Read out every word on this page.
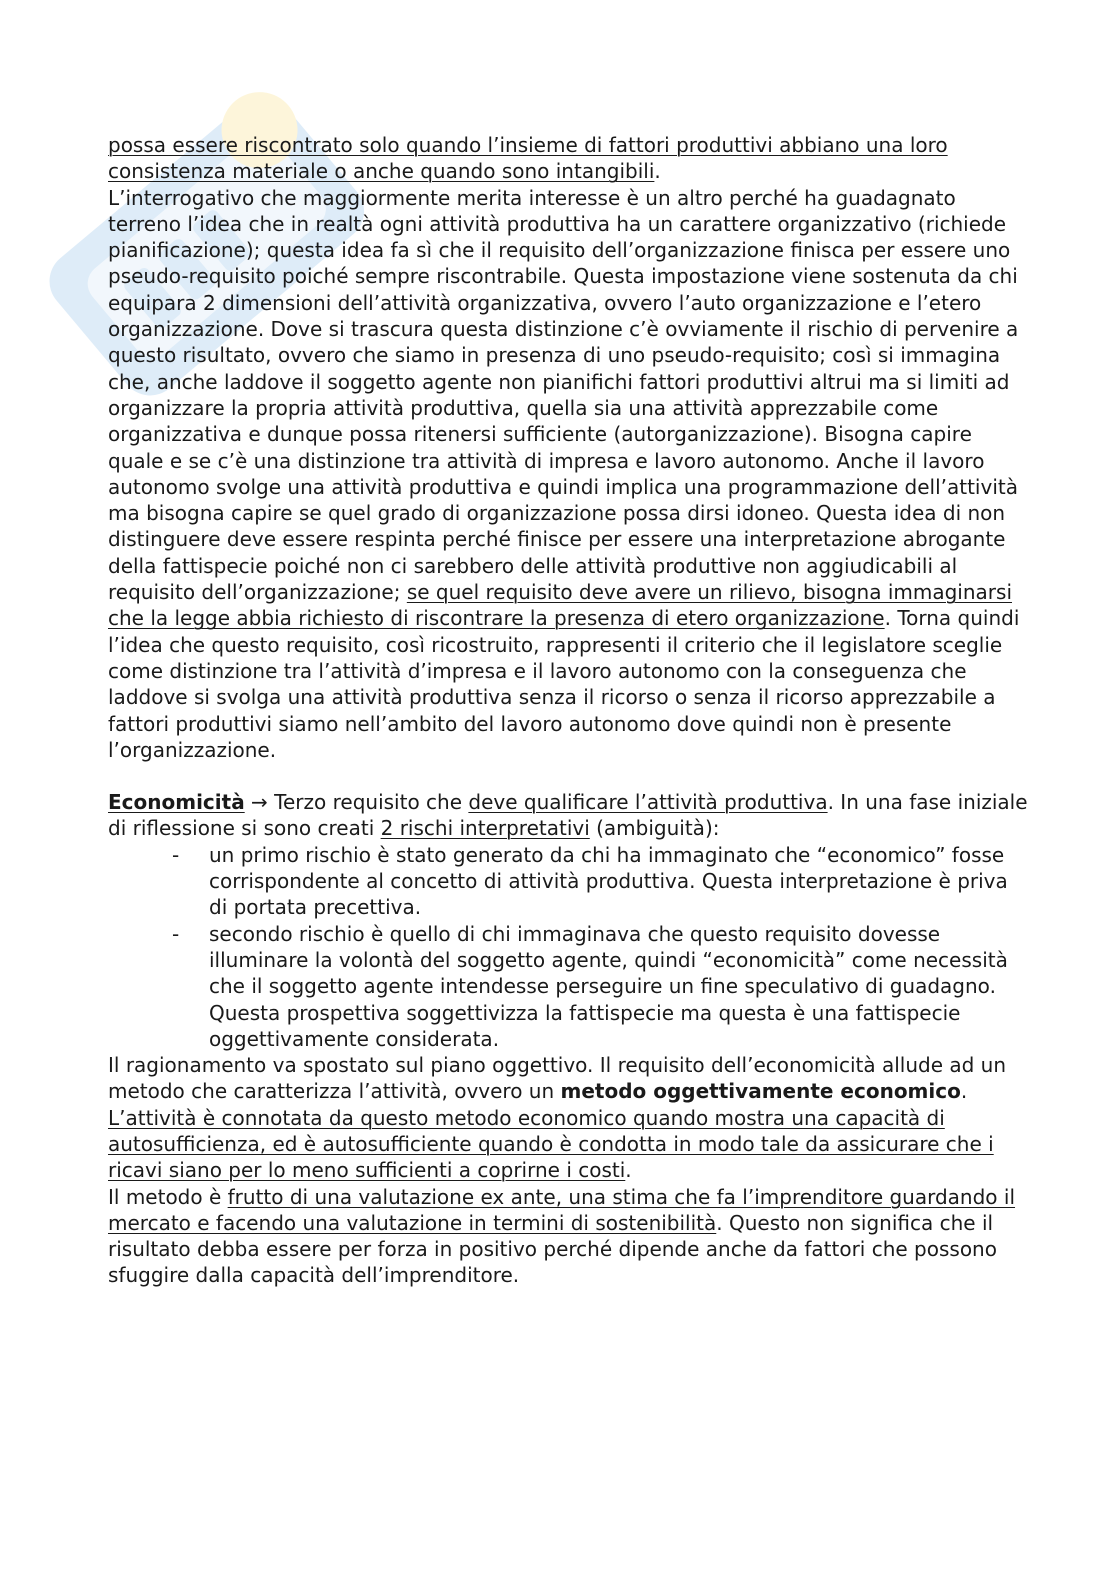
possa essere riscontrato solo quando l’insieme di fattori produttivi abbiano una loro consistenza materiale o anche quando sono intangibili.
L’interrogativo che maggiormente merita interesse è un altro perché ha guadagnato terreno l’idea che in realtà ogni attività produttiva ha un carattere organizzativo (richiede pianificazione); questa idea fa sì che il requisito dell’organizzazione finisca per essere uno pseudo-requisito poiché sempre riscontrabile. Questa impostazione viene sostenuta da chi equipara 2 dimensioni dell’attività organizzativa, ovvero l’auto organizzazione e l’etero organizzazione. Dove si trascura questa distinzione c’è ovviamente il rischio di pervenire a questo risultato, ovvero che siamo in presenza di uno pseudo-requisito; così si immagina che, anche laddove il soggetto agente non pianifichi fattori produttivi altrui ma si limiti ad organizzare la propria attività produttiva, quella sia una attività apprezzabile come organizzativa e dunque possa ritenersi sufficiente (autorganizzazione). Bisogna capire quale e se c’è una distinzione tra attività di impresa e lavoro autonomo. Anche il lavoro autonomo svolge una attività produttiva e quindi implica una programmazione dell’attività ma bisogna capire se quel grado di organizzazione possa dirsi idoneo. Questa idea di non distinguere deve essere respinta perché finisce per essere una interpretazione abrogante della fattispecie poiché non ci sarebbero delle attività produttive non aggiudicabili al requisito dell’organizzazione; se quel requisito deve avere un rilievo, bisogna immaginarsi che la legge abbia richiesto di riscontrare la presenza di etero organizzazione. Torna quindi l’idea che questo requisito, così ricostruito, rappresenti il criterio che il legislatore sceglie come distinzione tra l’attività d’impresa e il lavoro autonomo con la conseguenza che laddove si svolga una attività produttiva senza il ricorso o senza il ricorso apprezzabile a fattori produttivi siamo nell’ambito del lavoro autonomo dove quindi non è presente l’organizzazione.

Economicità → Terzo requisito che deve qualificare l’attività produttiva. In una fase iniziale di riflessione si sono creati 2 rischi interpretativi (ambiguità):

- un primo rischio è stato generato da chi ha immaginato che “economico” fosse corrispondente al concetto di attività produttiva. Questa interpretazione è priva di portata precettiva.
- secondo rischio è quello di chi immaginava che questo requisito dovesse illuminare la volontà del soggetto agente, quindi “economicità” come necessità che il soggetto agente intendesse perseguire un fine speculativo di guadagno. Questa prospettiva soggettivizza la fattispecie ma questa è una fattispecie oggettivamente considerata.

Il ragionamento va spostato sul piano oggettivo. Il requisito dell’economicità allude ad un metodo che caratterizza l’attività, ovvero un metodo oggettivamente economico. L’attività è connotata da questo metodo economico quando mostra una capacità di autosufficienza, ed è autosufficiente quando è condotta in modo tale da assicurare che i ricavi siano per lo meno sufficienti a coprirne i costi.

Il metodo è frutto di una valutazione ex ante, una stima che fa l’imprenditore guardando il mercato e facendo una valutazione in termini di sostenibilità. Questo non significa che il risultato debba essere per forza in positivo perché dipende anche da fattori che possono sfuggire dalla capacità dell’imprenditore.
